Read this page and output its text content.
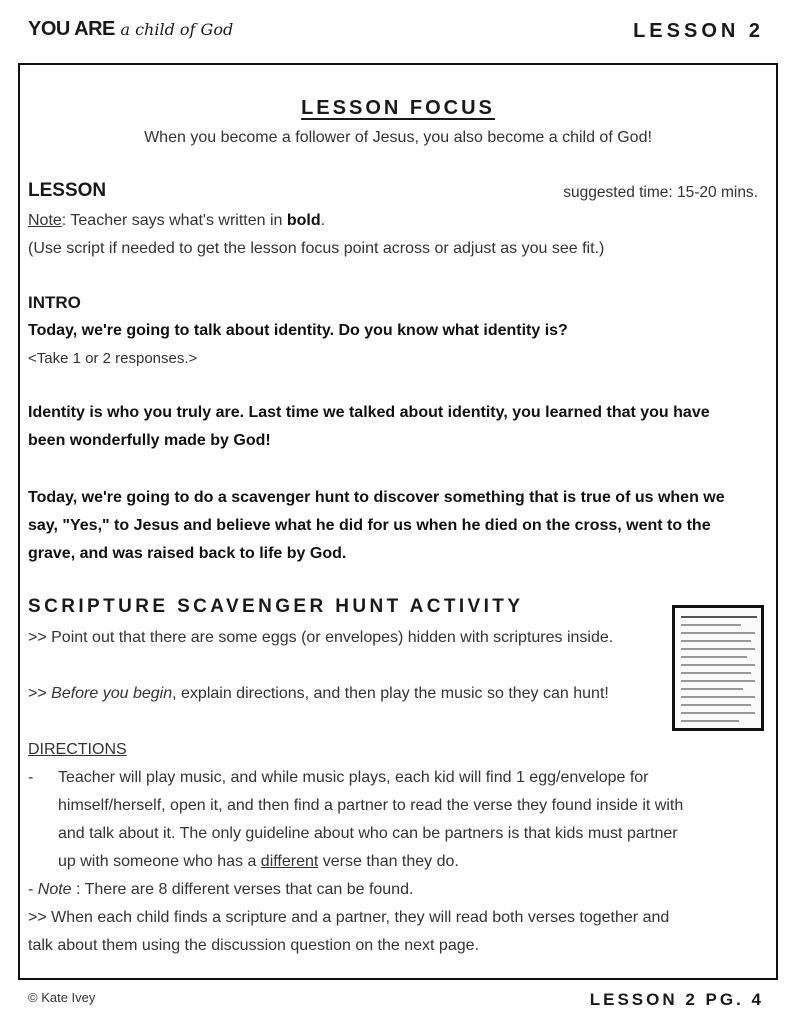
YOU ARE a child of God	LESSON 2
LESSON FOCUS
When you become a follower of Jesus, you also become a child of God!
LESSON	suggested time: 15-20 mins.
Note: Teacher says what's written in bold.
(Use script if needed to get the lesson focus point across or adjust as you see fit.)
INTRO
Today, we're going to talk about identity. Do you know what identity is?
<Take 1 or 2 responses.>
Identity is who you truly are. Last time we talked about identity, you learned that you have
been wonderfully made by God!
Today, we're going to do a scavenger hunt to discover something that is true of us when we
say, "Yes," to Jesus and believe what he did for us when he died on the cross, went to the
grave, and was raised back to life by God.
SCRIPTURE SCAVENGER HUNT ACTIVITY
>> Point out that there are some eggs (or envelopes) hidden with scriptures inside.
>> Before you begin, explain directions, and then play the music so they can hunt!
DIRECTIONS
- Teacher will play music, and while music plays, each kid will find 1 egg/envelope for
himself/herself, open it, and then find a partner to read the verse they found inside it with
and talk about it. The only guideline about who can be partners is that kids must partner
up with someone who has a different verse than they do.
- Note : There are 8 different verses that can be found.
>> When each child finds a scripture and a partner, they will read both verses together and
talk about them using the discussion question on the next page.
© Kate Ivey	LESSON 2 PG. 4
